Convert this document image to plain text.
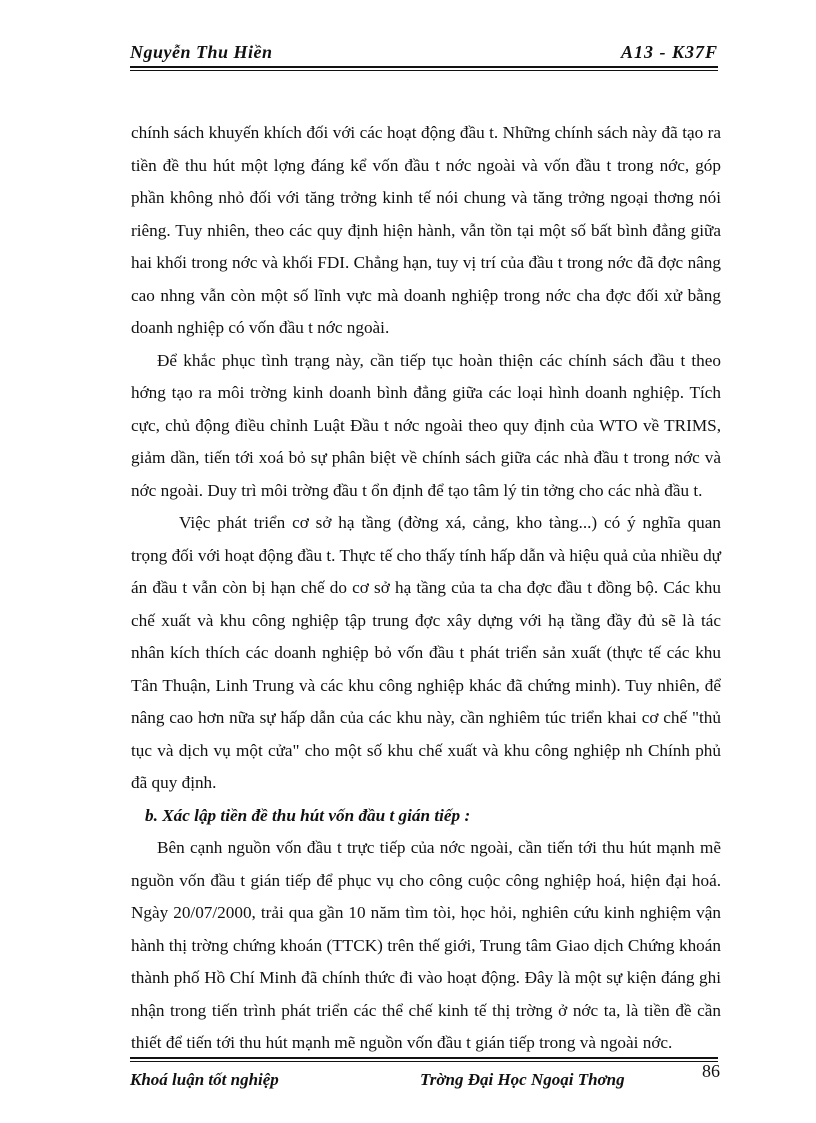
Nguyễn Thu Hiền	A13 - K37F

chính sách khuyến khích đối với các hoạt động đầu t. Những chính sách này đã tạo ra tiền đề thu hút một lợng đáng kể vốn đầu t nớc ngoài và vốn đầu t trong nớc, góp phần không nhỏ đối với tăng trởng kinh tế nói chung và tăng trởng ngoại thơng nói riêng. Tuy nhiên, theo các quy định hiện hành, vẫn tồn tại một số bất bình đẳng giữa hai khối trong nớc và khối FDI. Chẳng hạn, tuy vị trí của đầu t trong nớc đã đợc nâng cao nhng vẫn còn một số lĩnh vực mà doanh nghiệp trong nớc cha đợc đối xử bằng doanh nghiệp có vốn đầu t nớc ngoài.

Để khắc phục tình trạng này, cần tiếp tục hoàn thiện các chính sách đầu t theo hớng tạo ra môi trờng kinh doanh bình đẳng giữa các loại hình doanh nghiệp. Tích cực, chủ động điều chỉnh Luật Đầu t nớc ngoài theo quy định của WTO về TRIMS, giảm dần, tiến tới xoá bỏ sự phân biệt về chính sách giữa các nhà đầu t trong nớc và nớc ngoài. Duy trì môi trờng đầu t ổn định để tạo tâm lý tin tởng cho các nhà đầu t.

Việc phát triển cơ sở hạ tầng (đờng xá, cảng, kho tàng...) có ý nghĩa quan trọng đối với hoạt động đầu t. Thực tế cho thấy tính hấp dẫn và hiệu quả của nhiều dự án đầu t vẫn còn bị hạn chế do cơ sở hạ tầng của ta cha đợc đầu t đồng bộ. Các khu chế xuất và khu công nghiệp tập trung đợc xây dựng với hạ tầng đầy đủ sẽ là tác nhân kích thích các doanh nghiệp bỏ vốn đầu t phát triển sản xuất (thực tế các khu Tân Thuận, Linh Trung và các khu công nghiệp khác đã chứng minh). Tuy nhiên, để nâng cao hơn nữa sự hấp dẫn của các khu này, cần nghiêm túc triển khai cơ chế "thủ tục và dịch vụ một cửa" cho một số khu chế xuất và khu công nghiệp nh Chính phủ đã quy định.

b. Xác lập tiền đề thu hút vốn đầu t gián tiếp :

Bên cạnh nguồn vốn đầu t trực tiếp của nớc ngoài, cần tiến tới thu hút mạnh mẽ nguồn vốn đầu t gián tiếp để phục vụ cho công cuộc công nghiệp hoá, hiện đại hoá. Ngày 20/07/2000, trải qua gần 10 năm tìm tòi, học hỏi, nghiên cứu kinh nghiệm vận hành thị trờng chứng khoán (TTCK) trên thế giới, Trung tâm Giao dịch Chứng khoán thành phố Hồ Chí Minh đã chính thức đi vào hoạt động. Đây là một sự kiện đáng ghi nhận trong tiến trình phát triển các thể chế kinh tế thị trờng ở nớc ta, là tiền đề cần thiết để tiến tới thu hút mạnh mẽ nguồn vốn đầu t gián tiếp trong và ngoài nớc.

Khoá luận tốt nghiệp	Trờng Đại Học Ngoại Thơng	86
